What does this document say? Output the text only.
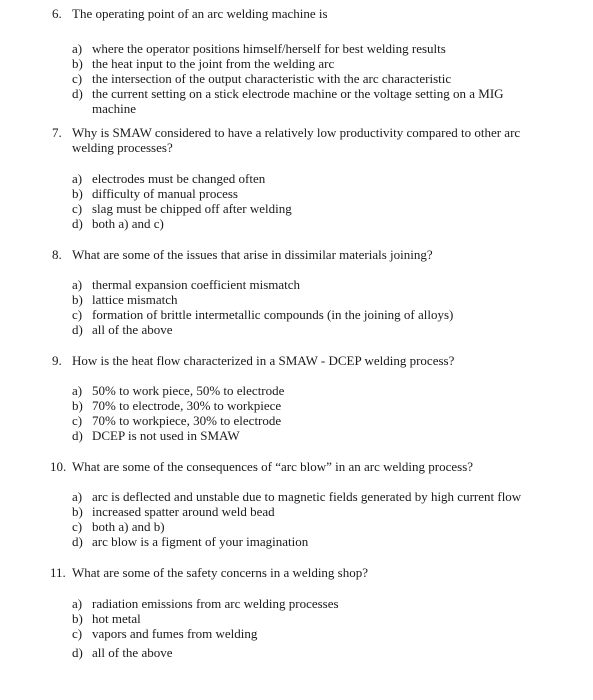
6. The operating point of an arc welding machine is
a) where the operator positions himself/herself for best welding results
b) the heat input to the joint from the welding arc
c) the intersection of the output characteristic with the arc characteristic
d) the current setting on a stick electrode machine or the voltage setting on a MIG machine
7. Why is SMAW considered to have a relatively low productivity compared to other arc welding processes?
a) electrodes must be changed often
b) difficulty of manual process
c) slag must be chipped off after welding
d) both a) and c)
8. What are some of the issues that arise in dissimilar materials joining?
a) thermal expansion coefficient mismatch
b) lattice mismatch
c) formation of brittle intermetallic compounds (in the joining of alloys)
d) all of the above
9. How is the heat flow characterized in a SMAW - DCEP welding process?
a) 50% to work piece, 50% to electrode
b) 70% to electrode, 30% to workpiece
c) 70% to workpiece, 30% to electrode
d) DCEP is not used in SMAW
10. What are some of the consequences of “arc blow” in an arc welding process?
a) arc is deflected and unstable due to magnetic fields generated by high current flow
b) increased spatter around weld bead
c) both a) and b)
d) arc blow is a figment of your imagination
11. What are some of the safety concerns in a welding shop?
a) radiation emissions from arc welding processes
b) hot metal
c) vapors and fumes from welding
d) all of the above
